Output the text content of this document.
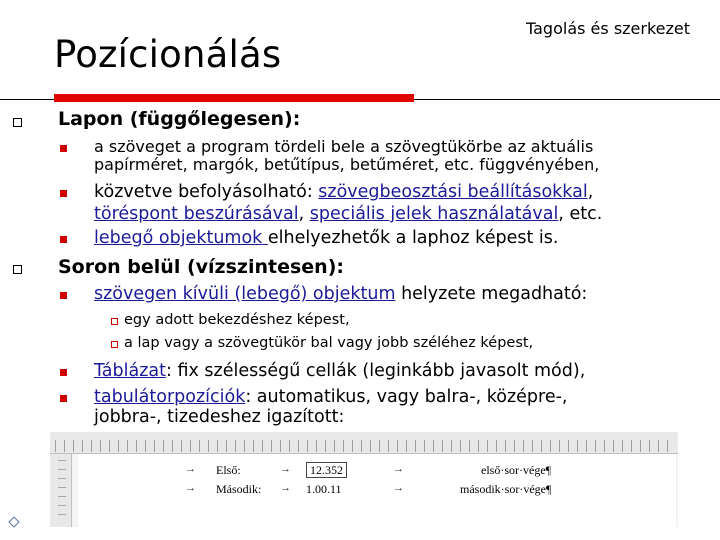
Tagolás és szerkezet
Pozícionálás
Lapon (függőlegesen):
a szöveget a program tördeli bele a szövegtükörbe az aktuális
papírméret, margók, betűtípus, betűméret, etc. függvényében,
közvetve befolyásolható: szövegbeosztási beállításokkal,
töréspont beszúrásával, speciális jelek használatával, etc.
lebegő objektumok elhelyezhetők a laphoz képest is.
Soron belül (vízszintesen):
szövegen kívüli (lebegő) objektum helyzete megadható:
egy adott bekezdéshez képest,
a lap vagy a szövegtükör bal vagy jobb széléhez képest,
Táblázat: fix szélességű cellák (leginkább javasolt mód),
tabulátorpozíciók: automatikus, vagy balra-, középre-,
jobbra-, tizedeshez igazított:
→ Első:	→	12.352	→	első·sor·vége¶
→ Második: → 1.00.11	→	második·sor·vége¶
